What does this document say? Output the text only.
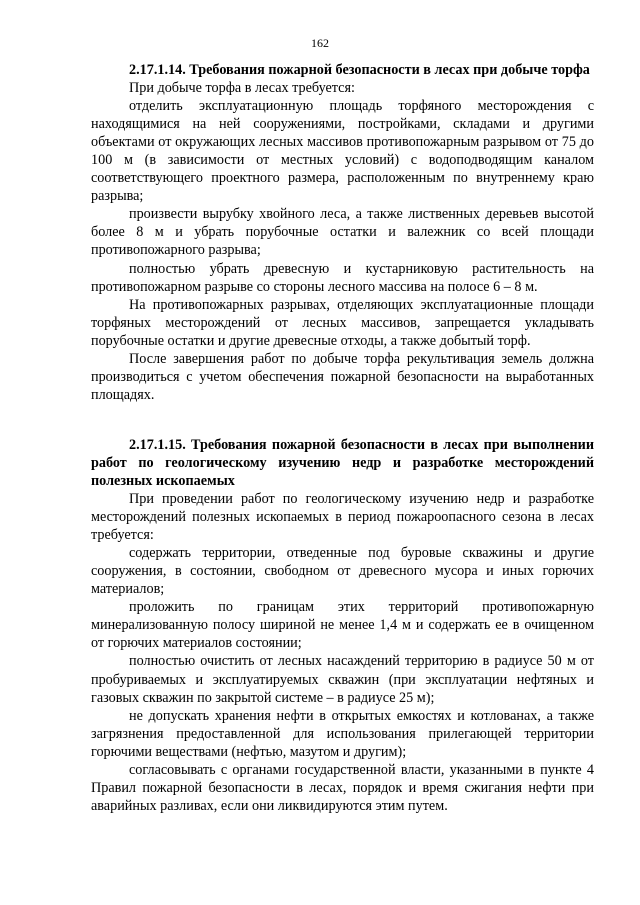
162

2.17.1.14. Требования пожарной безопасности в лесах при добыче торфа

При добыче торфа в лесах требуется:

отделить эксплуатационную площадь торфяного месторождения с находящимися на ней сооружениями, постройками, складами и другими объектами от окружающих лесных массивов противопожарным разрывом от 75 до 100 м (в зависимости от местных условий) с водоподводящим каналом соответствующего проектного размера, расположенным по внутреннему краю разрыва;

произвести вырубку хвойного леса, а также лиственных деревьев высотой более 8 м и убрать порубочные остатки и валежник со всей площади противопожарного разрыва;

полностью убрать древесную и кустарниковую растительность на противопожарном разрыве со стороны лесного массива на полосе 6 – 8 м.

На противопожарных разрывах, отделяющих эксплуатационные площади торфяных месторождений от лесных массивов, запрещается укладывать порубочные остатки и другие древесные отходы, а также добытый торф.

После завершения работ по добыче торфа рекультивация земель должна производиться с учетом обеспечения пожарной безопасности на выработанных площадях.

2.17.1.15. Требования пожарной безопасности в лесах при выполнении работ по геологическому изучению недр и разработке месторождений полезных ископаемых

При проведении работ по геологическому изучению недр и разработке месторождений полезных ископаемых в период пожароопасного сезона в лесах требуется:

содержать территории, отведенные под буровые скважины и другие сооружения, в состоянии, свободном от древесного мусора и иных горючих материалов;

проложить по границам этих территорий противопожарную минерализованную полосу шириной не менее 1,4 м и содержать ее в очищенном от горючих материалов состоянии;

полностью очистить от лесных насаждений территорию в радиусе 50 м от пробуриваемых и эксплуатируемых скважин (при эксплуатации нефтяных и газовых скважин по закрытой системе – в радиусе 25 м);

не допускать хранения нефти в открытых емкостях и котлованах, а также загрязнения предоставленной для использования прилегающей территории горючими веществами (нефтью, мазутом и другим);

согласовывать с органами государственной власти, указанными в пункте 4 Правил пожарной безопасности в лесах, порядок и время сжигания нефти при аварийных разливах, если они ликвидируются этим путем.
